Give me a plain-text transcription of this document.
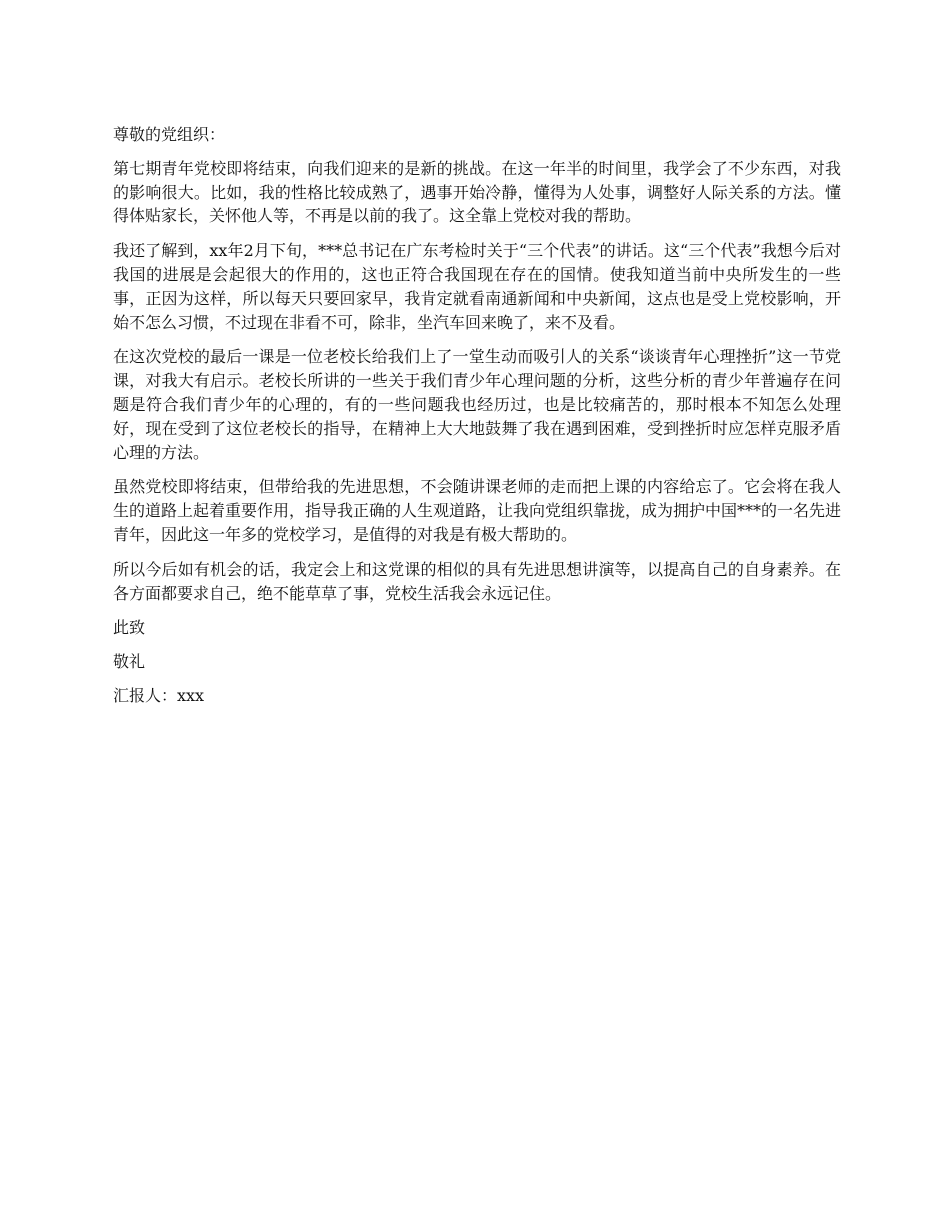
尊敬的党组织：

第七期青年党校即将结束，向我们迎来的是新的挑战。在这一年半的时间里，我学会了不少东西，对我的影响很大。比如，我的性格比较成熟了，遇事开始冷静，懂得为人处事，调整好人际关系的方法。懂得体贴家长，关怀他人等，不再是以前的我了。这全靠上党校对我的帮助。

我还了解到，xx年2月下旬，***总书记在广东考检时关于“三个代表”的讲话。这“三个代表”我想今后对我国的进展是会起很大的作用的，这也正符合我国现在存在的国情。使我知道当前中央所发生的一些事，正因为这样，所以每天只要回家早，我肯定就看南通新闻和中央新闻，这点也是受上党校影响，开始不怎么习惯，不过现在非看不可，除非，坐汽车回来晚了，来不及看。

在这次党校的最后一课是一位老校长给我们上了一堂生动而吸引人的关系“谈谈青年心理挫折”这一节党课，对我大有启示。老校长所讲的一些关于我们青少年心理问题的分析，这些分析的青少年普遍存在问题是符合我们青少年的心理的，有的一些问题我也经历过，也是比较痛苦的，那时根本不知怎么处理好，现在受到了这位老校长的指导，在精神上大大地鼓舞了我在遇到困难，受到挫折时应怎样克服矛盾心理的方法。

虽然党校即将结束，但带给我的先进思想，不会随讲课老师的走而把上课的内容给忘了。它会将在我人生的道路上起着重要作用，指导我正确的人生观道路，让我向党组织靠拢，成为拥护中国***的一名先进青年，因此这一年多的党校学习，是值得的对我是有极大帮助的。

所以今后如有机会的话，我定会上和这党课的相似的具有先进思想讲演等，以提高自己的自身素养。在各方面都要求自己，绝不能草草了事，党校生活我会永远记住。

此致

敬礼

汇报人：xxx
